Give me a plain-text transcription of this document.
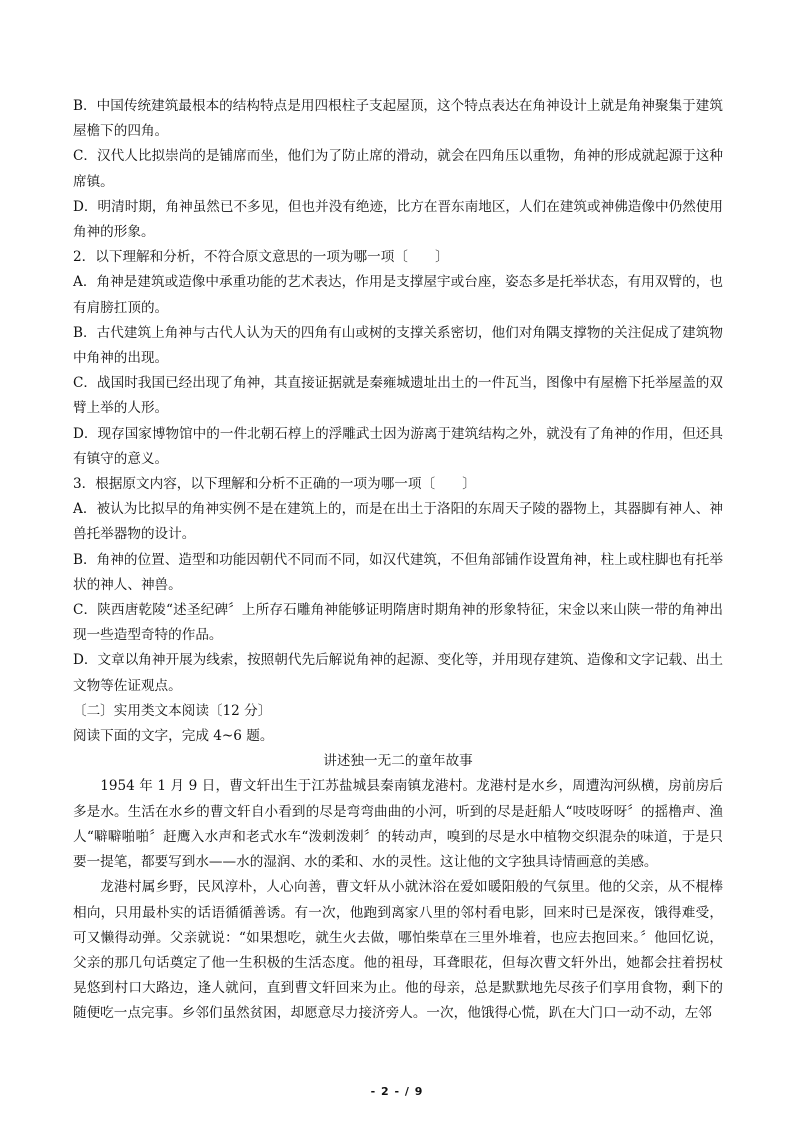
B．中国传统建筑最根本的结构特点是用四根柱子支起屋顶，这个特点表达在角神设计上就是角神聚集于建筑屋檐下的四角。

C．汉代人比拟崇尚的是铺席而坐，他们为了防止席的滑动，就会在四角压以重物，角神的形成就起源于这种席镇。

D．明清时期，角神虽然已不多见，但也并没有绝迹，比方在晋东南地区，人们在建筑或神佛造像中仍然使用角神的形象。

2．以下理解和分析，不符合原文意思的一项为哪一项〔　　〕

A．角神是建筑或造像中承重功能的艺术表达，作用是支撑屋宇或台座，姿态多是托举状态，有用双臂的，也有肩膀扛顶的。

B．古代建筑上角神与古代人认为天的四角有山或树的支撑关系密切，他们对角隅支撑物的关注促成了建筑物中角神的出现。

C．战国时我国已经出现了角神，其直接证据就是秦雍城遗址出土的一件瓦当，图像中有屋檐下托举屋盖的双臂上举的人形。

D．现存国家博物馆中的一件北朝石椁上的浮雕武士因为游离于建筑结构之外，就没有了角神的作用，但还具有镇守的意义。

3．根据原文内容，以下理解和分析不正确的一项为哪一项〔　　〕

A．被认为比拟早的角神实例不是在建筑上的，而是在出土于洛阳的东周天子陵的器物上，其器脚有神人、神兽托举器物的设计。

B．角神的位置、造型和功能因朝代不同而不同，如汉代建筑，不但角部铺作设置角神，柱上或柱脚也有托举状的神人、神兽。

C．陕西唐乾陵“述圣纪碑〞上所存石雕角神能够证明隋唐时期角神的形象特征，宋金以来山陕一带的角神出现一些造型奇特的作品。

D．文章以角神开展为线索，按照朝代先后解说角神的起源、变化等，并用现存建筑、造像和文字记载、出土文物等佐证观点。

〔二〕实用类文本阅读〔12 分〕

阅读下面的文字，完成 4~6 题。

讲述独一无二的童年故事

1954 年 1 月 9 日，曹文轩出生于江苏盐城县秦南镇龙港村。龙港村是水乡，周遭沟河纵横，房前房后多是水。生活在水乡的曹文轩自小看到的尽是弯弯曲曲的小河，听到的尽是赶船人“吱吱呀呀〞的摇橹声、渔人“噼噼啪啪〞赶鹰入水声和老式水车“泼刺泼刺〞的转动声，嗅到的尽是水中植物交织混杂的味道，于是只要一提笔，都要写到水——水的湿润、水的柔和、水的灵性。这让他的文字独具诗情画意的美感。

龙港村属乡野，民风淳朴，人心向善，曹文轩从小就沐浴在爱如暖阳般的气氛里。他的父亲，从不棍棒相向，只用最朴实的话语循循善诱。有一次，他跑到离家八里的邻村看电影，回来时已是深夜，饿得难受，可又懒得动弹。父亲就说：“如果想吃，就生火去做，哪怕柴草在三里外堆着，也应去抱回来。〞他回忆说，父亲的那几句话奠定了他一生积极的生活态度。他的祖母，耳聋眼花，但每次曹文轩外出，她都会拄着拐杖晃悠到村口大路边，逢人就问，直到曹文轩回来为止。他的母亲，总是默默地先尽孩子们享用食物，剩下的随便吃一点完事。乡邻们虽然贫困，却愿意尽力接济旁人。一次，他饿得心慌，趴在大门口一动不动，左邻

- 2 - / 9
